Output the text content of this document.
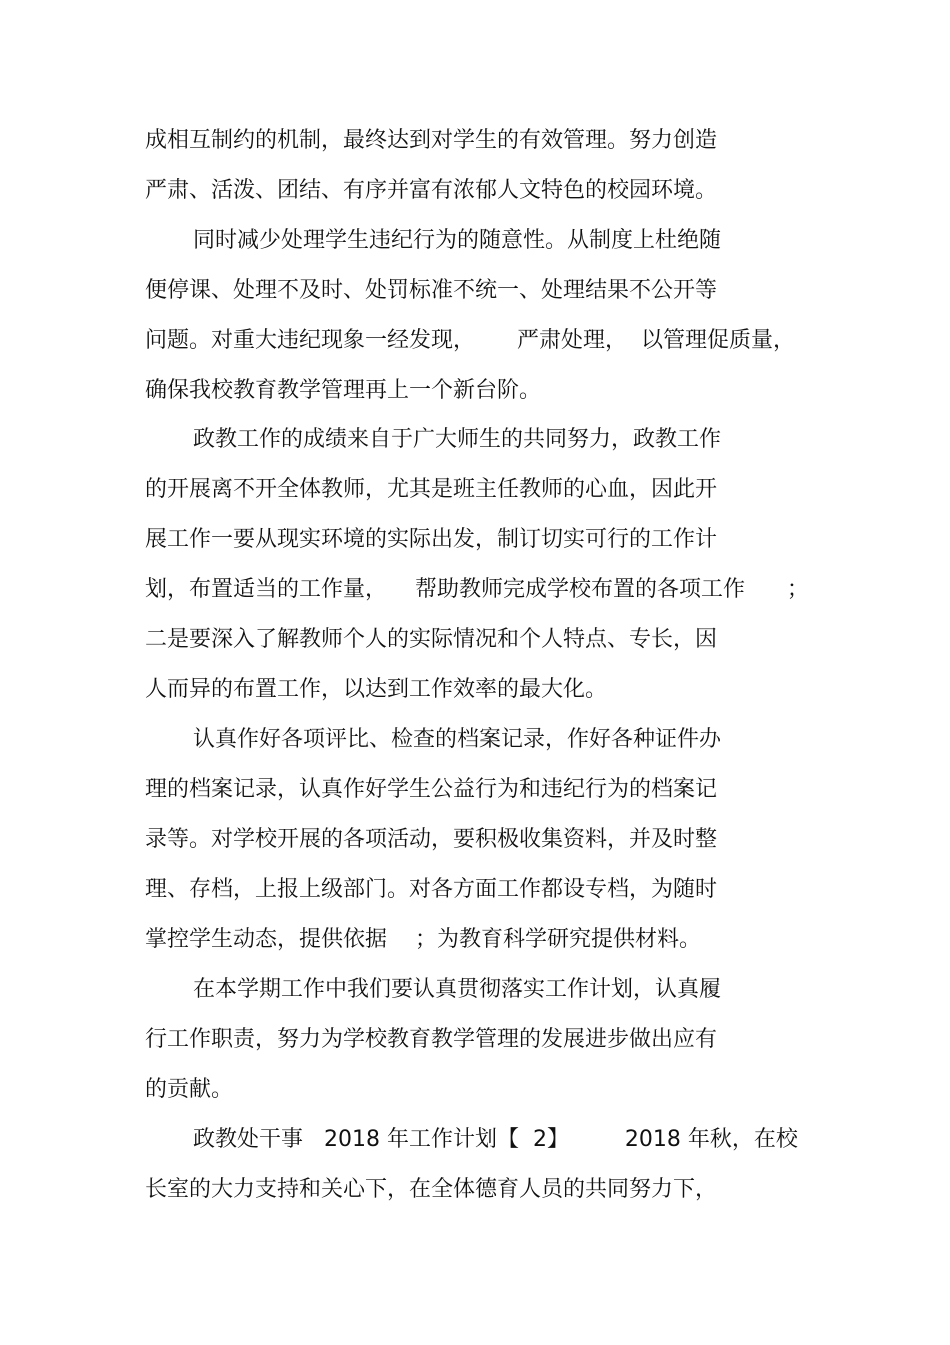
成相互制约的机制，最终达到对学生的有效管理。努力创造
严肃、活泼、团结、有序并富有浓郁人文特色的校园环境。
同时减少处理学生违纪行为的随意性。从制度上杜绝随
便停课、处理不及时、处罚标准不统一、处理结果不公开等
问题。对重大违纪现象一经发现，      严肃处理，  以管理促质量，
确保我校教育教学管理再上一个新台阶。
政教工作的成绩来自于广大师生的共同努力，政教工作
的开展离不开全体教师，尤其是班主任教师的心血，因此开
展工作一要从现实环境的实际出发，制订切实可行的工作计
划，布置适当的工作量，    帮助教师完成学校布置的各项工作      ；
二是要深入了解教师个人的实际情况和个人特点、专长，因
人而异的布置工作，以达到工作效率的最大化。
认真作好各项评比、检查的档案记录，作好各种证件办
理的档案记录，认真作好学生公益行为和违纪行为的档案记
录等。对学校开展的各项活动，要积极收集资料，并及时整
理、存档，上报上级部门。对各方面工作都设专档，为随时
掌控学生动态，提供依据    ；为教育科学研究提供材料。
在本学期工作中我们要认真贯彻落实工作计划，认真履
行工作职责，努力为学校教育教学管理的发展进步做出应有
的贡献。
政教处干事   2018 年工作计划【  2】        2018 年秋，在校
长室的大力支持和关心下，在全体德育人员的共同努力下，
